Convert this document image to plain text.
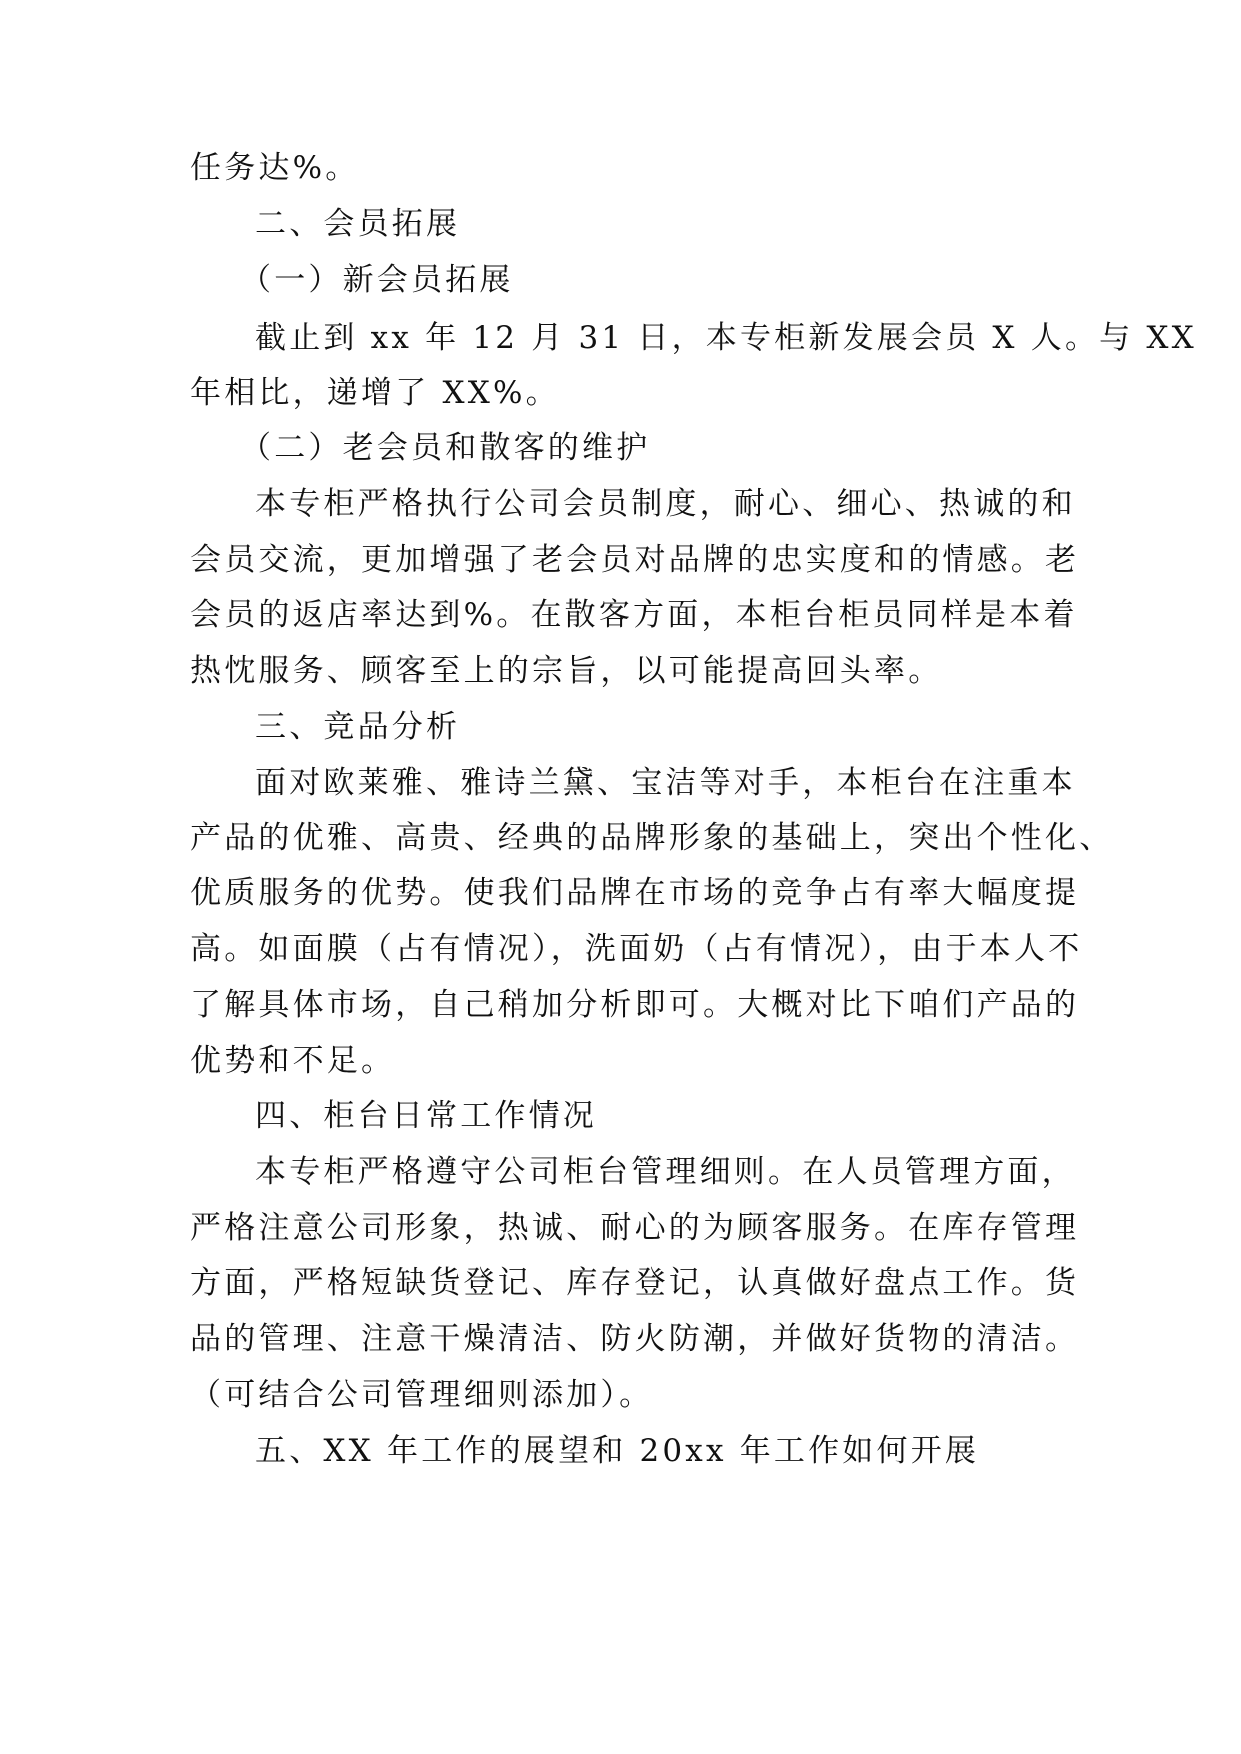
任务达%。
二、会员拓展
（一）新会员拓展
截止到 xx 年 12 月 31 日，本专柜新发展会员 X 人。与 XX
年相比，递增了 XX%。
（二）老会员和散客的维护
本专柜严格执行公司会员制度，耐心、细心、热诚的和
会员交流，更加增强了老会员对品牌的忠实度和的情感。老
会员的返店率达到%。在散客方面，本柜台柜员同样是本着
热忱服务、顾客至上的宗旨，以可能提高回头率。
三、竞品分析
面对欧莱雅、雅诗兰黛、宝洁等对手，本柜台在注重本
产品的优雅、高贵、经典的品牌形象的基础上，突出个性化、
优质服务的优势。使我们品牌在市场的竞争占有率大幅度提
高。如面膜（占有情况），洗面奶（占有情况），由于本人不
了解具体市场，自己稍加分析即可。大概对比下咱们产品的
优势和不足。
四、柜台日常工作情况
本专柜严格遵守公司柜台管理细则。在人员管理方面，
严格注意公司形象，热诚、耐心的为顾客服务。在库存管理
方面，严格短缺货登记、库存登记，认真做好盘点工作。货
品的管理、注意干燥清洁、防火防潮，并做好货物的清洁。
（可结合公司管理细则添加）。
五、XX 年工作的展望和 20xx 年工作如何开展
